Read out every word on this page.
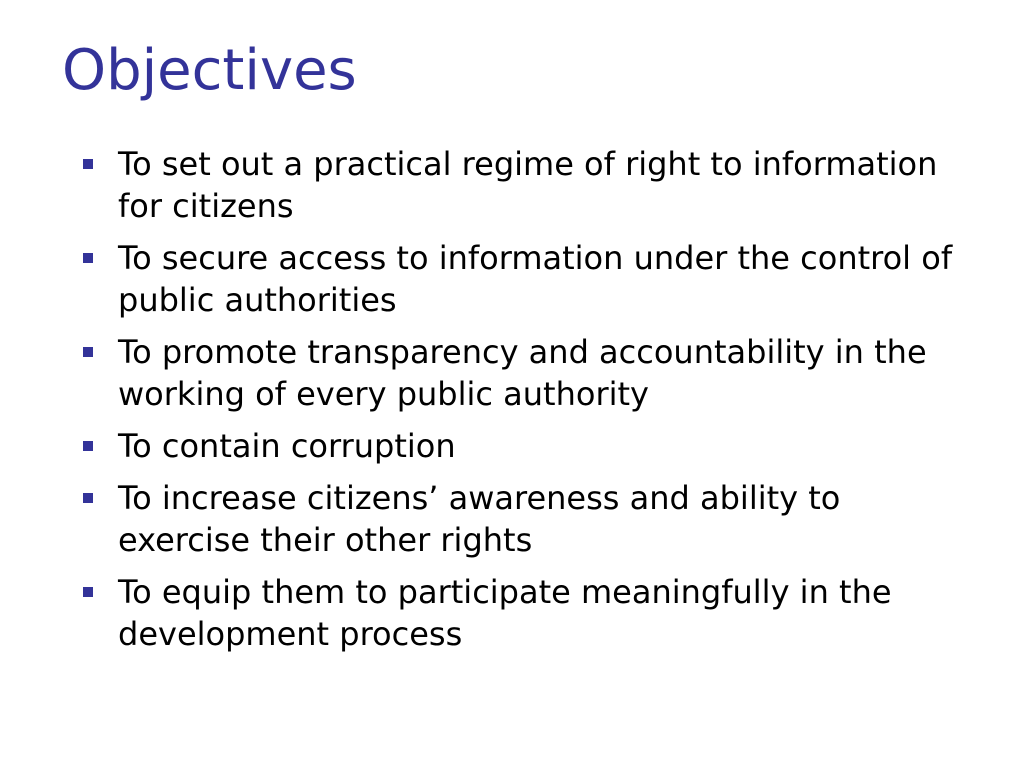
Objectives
To set out a practical regime of right to information for citizens
To secure access to information under the control of public authorities
To promote transparency and accountability in the working of every public authority
To contain corruption
To increase citizens’ awareness and ability to exercise their other rights
To equip them to participate meaningfully in the development process
